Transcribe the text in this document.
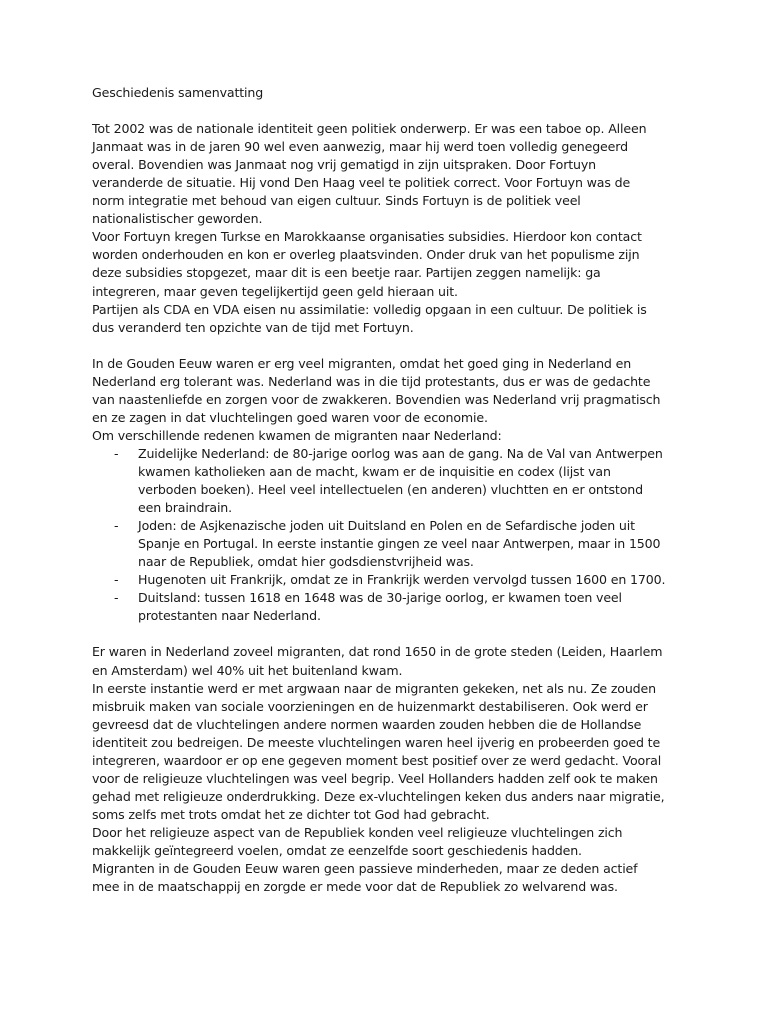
Geschiedenis samenvatting
Tot 2002 was de nationale identiteit geen politiek onderwerp. Er was een taboe op. Alleen
Janmaat was in de jaren 90 wel even aanwezig, maar hij werd toen volledig genegeerd
overal. Bovendien was Janmaat nog vrij gematigd in zijn uitspraken. Door Fortuyn
veranderde de situatie. Hij vond Den Haag veel te politiek correct. Voor Fortuyn was de
norm integratie met behoud van eigen cultuur. Sinds Fortuyn is de politiek veel
nationalistischer geworden.
Voor Fortuyn kregen Turkse en Marokkaanse organisaties subsidies. Hierdoor kon contact
worden onderhouden en kon er overleg plaatsvinden. Onder druk van het populisme zijn
deze subsidies stopgezet, maar dit is een beetje raar. Partijen zeggen namelijk: ga
integreren, maar geven tegelijkertijd geen geld hieraan uit.
Partijen als CDA en VDA eisen nu assimilatie: volledig opgaan in een cultuur. De politiek is
dus veranderd ten opzichte van de tijd met Fortuyn.
In de Gouden Eeuw waren er erg veel migranten, omdat het goed ging in Nederland en
Nederland erg tolerant was. Nederland was in die tijd protestants, dus er was de gedachte
van naastenliefde en zorgen voor de zwakkeren. Bovendien was Nederland vrij pragmatisch
en ze zagen in dat vluchtelingen goed waren voor de economie.
Om verschillende redenen kwamen de migranten naar Nederland:
- Zuidelijke Nederland: de 80-jarige oorlog was aan de gang. Na de Val van Antwerpen
kwamen katholieken aan de macht, kwam er de inquisitie en codex (lijst van
verboden boeken). Heel veel intellectuelen (en anderen) vluchtten en er ontstond
een braindrain.
- Joden: de Asjkenazische joden uit Duitsland en Polen en de Sefardische joden uit
Spanje en Portugal. In eerste instantie gingen ze veel naar Antwerpen, maar in 1500
naar de Republiek, omdat hier godsdienstvrijheid was.
- Hugenoten uit Frankrijk, omdat ze in Frankrijk werden vervolgd tussen 1600 en 1700.
- Duitsland: tussen 1618 en 1648 was de 30-jarige oorlog, er kwamen toen veel
protestanten naar Nederland.
Er waren in Nederland zoveel migranten, dat rond 1650 in de grote steden (Leiden, Haarlem
en Amsterdam) wel 40% uit het buitenland kwam.
In eerste instantie werd er met argwaan naar de migranten gekeken, net als nu. Ze zouden
misbruik maken van sociale voorzieningen en de huizenmarkt destabiliseren. Ook werd er
gevreesd dat de vluchtelingen andere normen waarden zouden hebben die de Hollandse
identiteit zou bedreigen. De meeste vluchtelingen waren heel ijverig en probeerden goed te
integreren, waardoor er op ene gegeven moment best positief over ze werd gedacht. Vooral
voor de religieuze vluchtelingen was veel begrip. Veel Hollanders hadden zelf ook te maken
gehad met religieuze onderdrukking. Deze ex-vluchtelingen keken dus anders naar migratie,
soms zelfs met trots omdat het ze dichter tot God had gebracht.
Door het religieuze aspect van de Republiek konden veel religieuze vluchtelingen zich
makkelijk geïntegreerd voelen, omdat ze eenzelfde soort geschiedenis hadden.
Migranten in de Gouden Eeuw waren geen passieve minderheden, maar ze deden actief
mee in de maatschappij en zorgde er mede voor dat de Republiek zo welvarend was.
